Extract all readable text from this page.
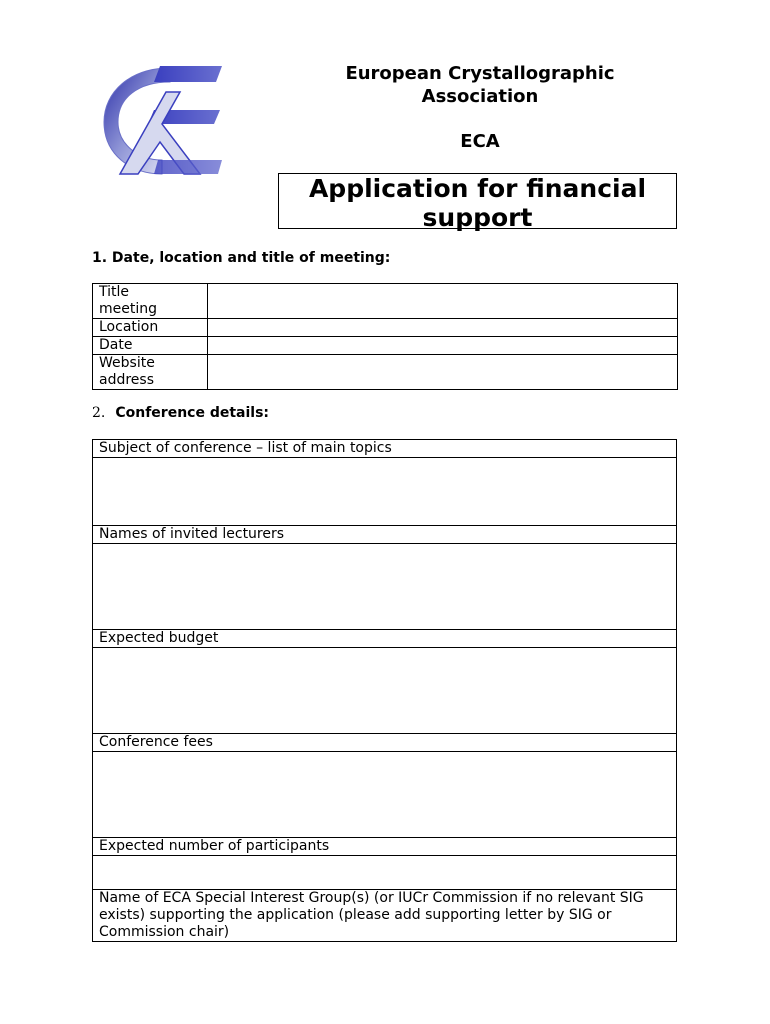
European Crystallographic
Association
ECA
Application for financial
support
1. Date, location and title of meeting:
Title
meeting	

Location	

Date	

Website
address	

2. Conference details:
Subject of conference – list of main topics

Names of invited lecturers

Expected budget

Conference fees

Expected number of participants

Name of ECA Special Interest Group(s) (or IUCr Commission if no relevant SIG exists) supporting the application (please add supporting letter by SIG or Commission chair)
